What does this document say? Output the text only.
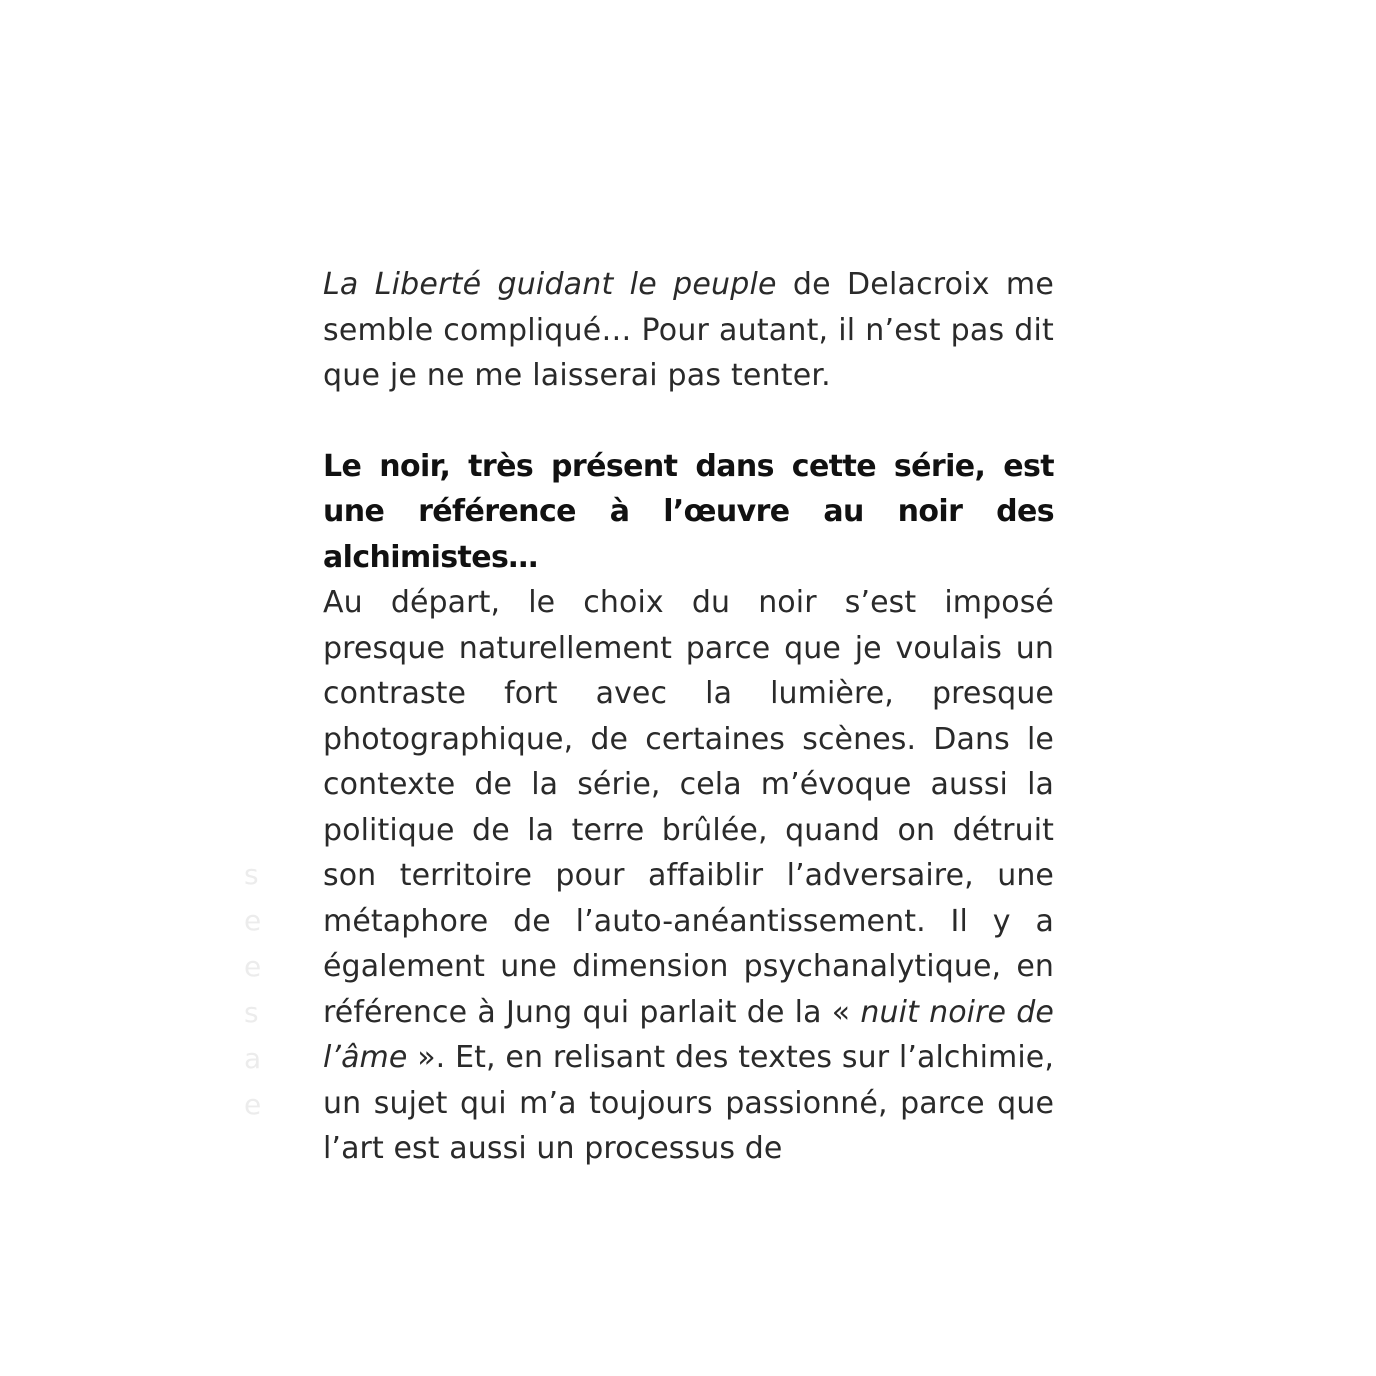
s
e
e
s
a
e

La Liberté guidant le peuple de Delacroix me semble compliqué… Pour autant, il n’est pas dit que je ne me laisserai pas tenter.

Le noir, très présent dans cette série, est une référence à l’œuvre au noir des alchimistes…

Au départ, le choix du noir s’est imposé presque naturellement parce que je voulais un contraste fort avec la lumière, presque photographique, de certaines scènes. Dans le contexte de la série, cela m’évoque aussi la politique de la terre brûlée, quand on détruit son territoire pour affaiblir l’adversaire, une métaphore de l’auto-anéantissement. Il y a également une dimension psychanalytique, en référence à Jung qui parlait de la « nuit noire de l’âme ». Et, en relisant des textes sur l’alchimie, un sujet qui m’a toujours passionné, parce que l’art est aussi un processus de
